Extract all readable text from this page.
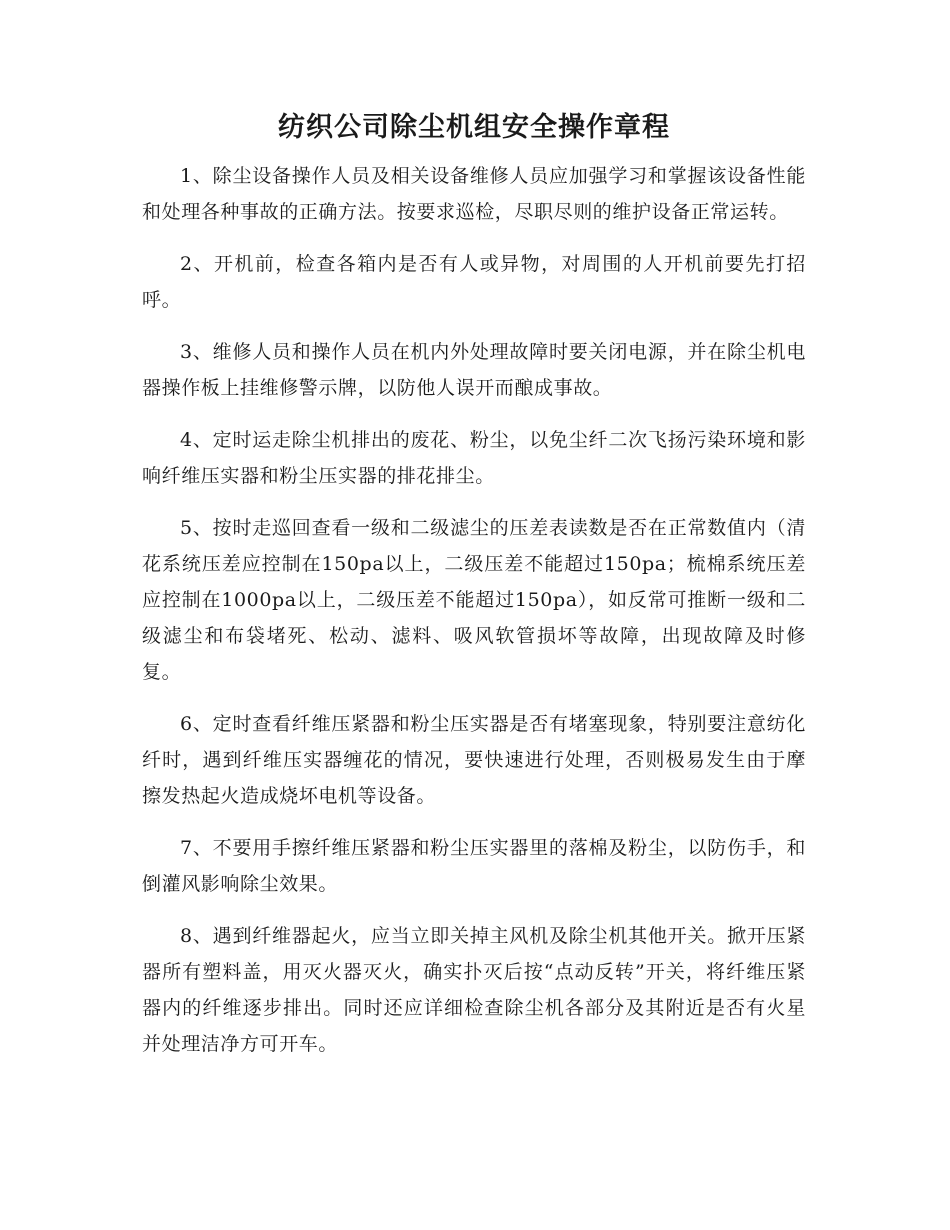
纺织公司除尘机组安全操作章程

1、除尘设备操作人员及相关设备维修人员应加强学习和掌握该设备性能和处理各种事故的正确方法。按要求巡检，尽职尽则的维护设备正常运转。

2、开机前，检查各箱内是否有人或异物，对周围的人开机前要先打招呼。

3、维修人员和操作人员在机内外处理故障时要关闭电源，并在除尘机电器操作板上挂维修警示牌，以防他人误开而酿成事故。

4、定时运走除尘机排出的废花、粉尘，以免尘纤二次飞扬污染环境和影响纤维压实器和粉尘压实器的排花排尘。

5、按时走巡回查看一级和二级滤尘的压差表读数是否在正常数值内（清花系统压差应控制在150pa以上，二级压差不能超过150pa；梳棉系统压差应控制在1000pa以上，二级压差不能超过150pa），如反常可推断一级和二级滤尘和布袋堵死、松动、滤料、吸风软管损坏等故障，出现故障及时修复。

6、定时查看纤维压紧器和粉尘压实器是否有堵塞现象，特别要注意纺化纤时，遇到纤维压实器缠花的情况，要快速进行处理，否则极易发生由于摩擦发热起火造成烧坏电机等设备。

7、不要用手擦纤维压紧器和粉尘压实器里的落棉及粉尘，以防伤手，和倒灌风影响除尘效果。

8、遇到纤维器起火，应当立即关掉主风机及除尘机其他开关。掀开压紧器所有塑料盖，用灭火器灭火，确实扑灭后按“点动反转”开关，将纤维压紧器内的纤维逐步排出。同时还应详细检查除尘机各部分及其附近是否有火星并处理洁净方可开车。
